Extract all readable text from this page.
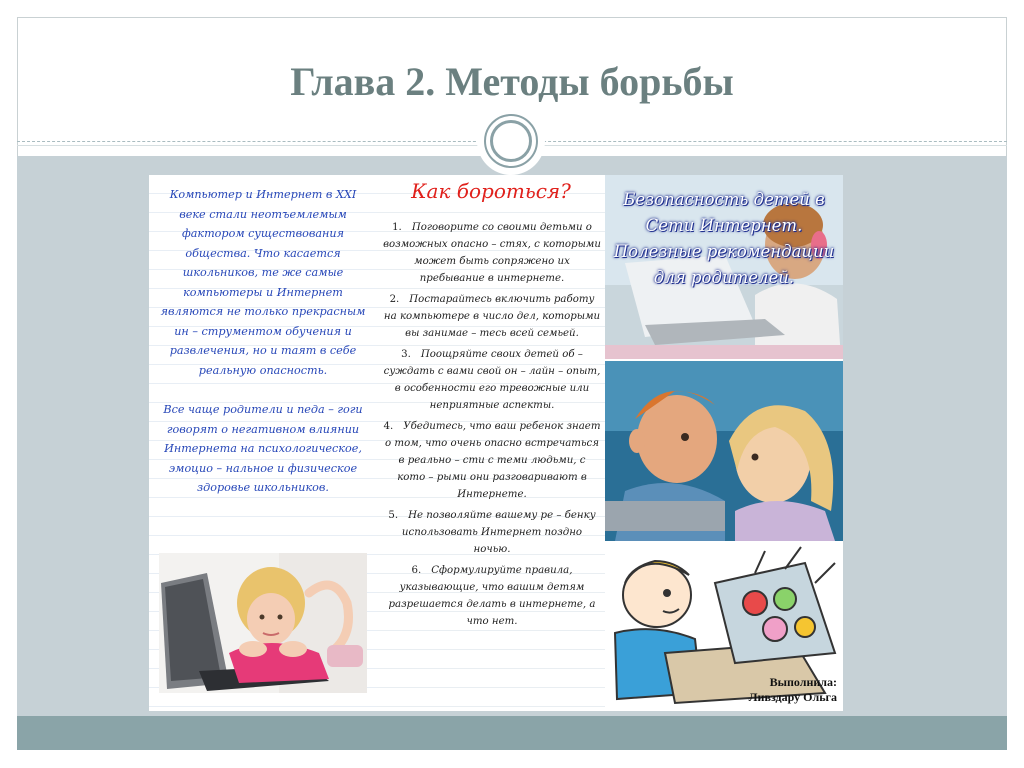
Глава 2. Методы борьбы

Компьютер и Интернет в XXI веке стали неотъемлемым фактором существования общества. Что касается школьников, те же самые компьютеры и Интернет являются не только прекрасным ин – струментом обучения и развлечения, но и таят в себе реальную опасность.

Все чаще родители и педа – гоги говорят о негативном влиянии Интернета на психологическое, эмоцио – нальное и физическое здоровье школьников.

Как бороться?
1. Поговорите со своими детьми о возможных опасно – стях, с которыми может быть сопряжено их пребывание в интернете.
2. Постарайтесь включить работу на компьютере в число дел, которыми вы занимае – тесь всей семьей.
3. Поощряйте своих детей об – суждать с вами свой он – лайн – опыт, в особенности его тревожные или неприятные аспекты.
4. Убедитесь, что ваш ребенок знает о том, что очень опасно встречаться в реально – сти с теми людьми, с кото – рыми они разговаривают в Интернете.
5. Не позволяйте вашему ре – бенку использовать Интернет поздно ночью.
6. Сформулируйте правила, указывающие, что вашим детям разрешается делать в интернете, а что нет.
Безопасность детей в Сети Интернет. Полезные рекомендации для родителей.
Выполнила:
Ливздару Ольга
